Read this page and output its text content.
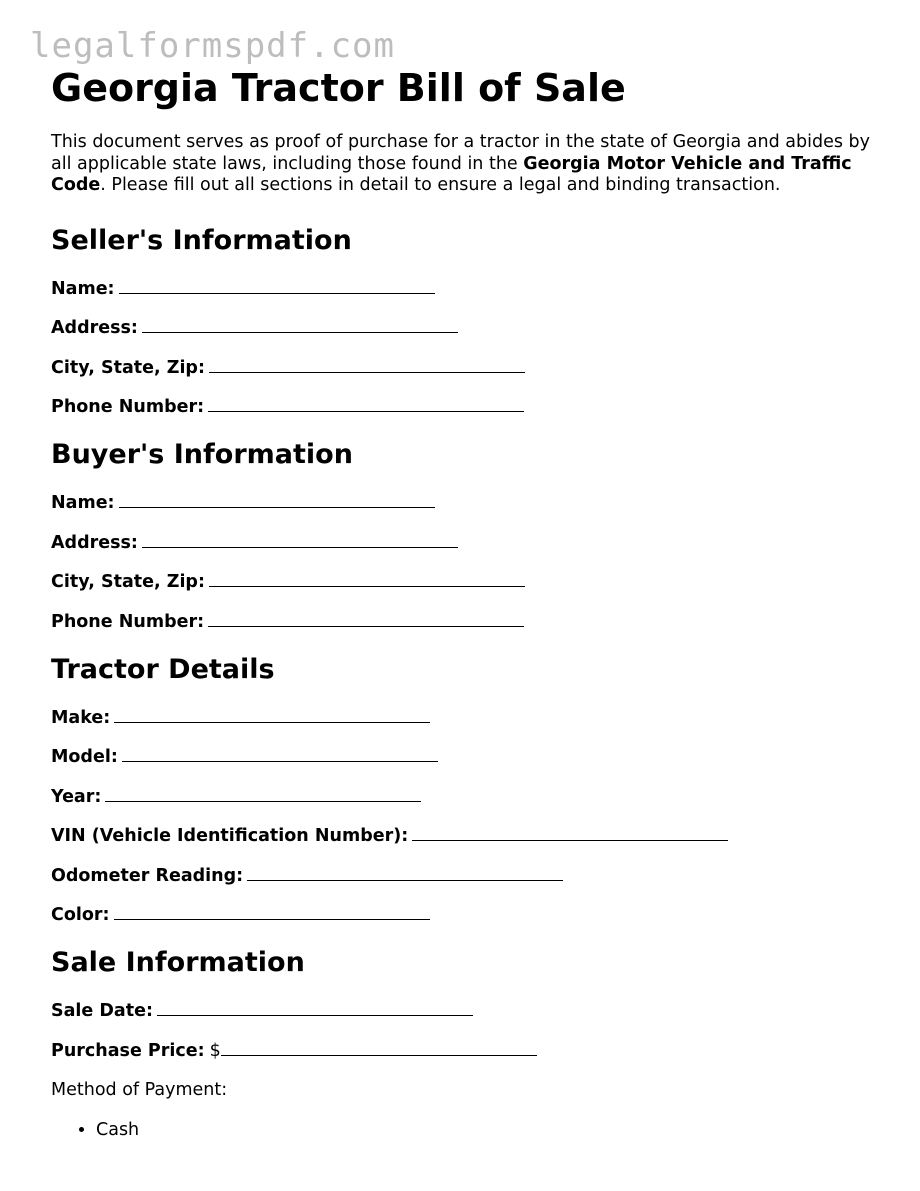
legalformspdf.com
Georgia Tractor Bill of Sale

This document serves as proof of purchase for a tractor in the state of Georgia and abides by all applicable state laws, including those found in the Georgia Motor Vehicle and Traffic Code. Please fill out all sections in detail to ensure a legal and binding transaction.

Seller's Information
Name:
Address:
City, State, Zip:
Phone Number:
Buyer's Information
Name:
Address:
City, State, Zip:
Phone Number:
Tractor Details
Make:
Model:
Year:
VIN (Vehicle Identification Number):
Odometer Reading:
Color:
Sale Information
Sale Date:
Purchase Price: $
Method of Payment:
• Cash
